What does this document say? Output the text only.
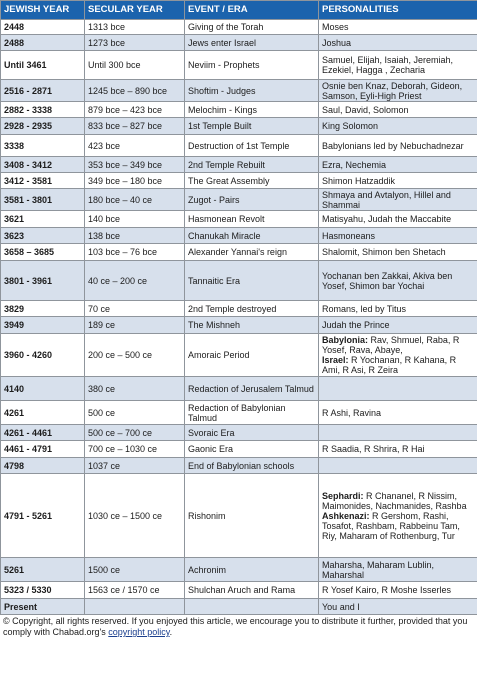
JEWISH YEAR	SECULAR YEAR	EVENT / ERA	PERSONALITIES
2448	1313 bce	Giving of the Torah	Moses

2488	1273 bce	Jews enter Israel	Joshua

Until 3461	Until 300 bce	Neviim - Prophets	Samuel, Elijah, Isaiah, Jeremiah, Ezekiel, Hagga , Zecharia

2516 - 2871	1245 bce – 890 bce	Shoftim - Judges	Osnie ben Knaz, Deborah, Gideon, Samson, Eyli-High Priest

2882 - 3338	879 bce – 423 bce	Melochim - Kings	Saul, David, Solomon

2928 - 2935	833 bce – 827 bce	1st Temple Built	King Solomon

3338	423 bce	Destruction of 1st Temple	Babylonians led by Nebuchadnezar

3408 - 3412	353 bce – 349 bce	2nd Temple Rebuilt	Ezra, Nechemia

3412 - 3581	349 bce – 180 bce	The Great Assembly	Shimon Hatzaddik

3581 - 3801	180 bce – 40 ce	Zugot - Pairs	Shmaya and Avtalyon, Hillel and Shammai

3621	140 bce	Hasmonean Revolt	Matisyahu, Judah the Maccabite

3623	138 bce	Chanukah Miracle	Hasmoneans

3658 – 3685	103 bce – 76 bce	Alexander Yannai's reign	Shalomit, Shimon ben Shetach

3801 - 3961	40 ce – 200 ce	Tannaitic Era	Yochanan ben Zakkai, Akiva ben Yosef, Shimon bar Yochai

3829	70 ce	2nd Temple destroyed	Romans, led by Titus

3949	189 ce	The Mishneh	Judah the Prince

3960 - 4260	200 ce – 500 ce	Amoraic Period	Babylonia: Rav, Shmuel, Raba, R Yosef, Rava, Abaye,
Israel: R Yochanan, R Kahana, R Ami, R Asi, R Zeira

4140	380 ce	Redaction of Jerusalem Talmud	

4261	500 ce	Redaction of Babylonian Talmud	R Ashi, Ravina

4261 - 4461	500 ce – 700 ce	Svoraic Era	

4461 - 4791	700 ce – 1030 ce	Gaonic Era	R Saadia, R Shrira, R Hai

4798	1037 ce	End of Babylonian schools	

4791 - 5261	1030 ce – 1500 ce	Rishonim	Sephardi: R Chananel, R Nissim, Maimonides, Nachmanides, Rashba
Ashkenazi: R Gershom, Rashi, Tosafot, Rashbam, Rabbeinu Tam, Riy, Maharam of Rothenburg, Tur

5261	1500 ce	Achronim	Maharsha, Maharam Lublin, Maharshal

5323 / 5330	1563 ce / 1570 ce	Shulchan Aruch and Rama	R Yosef Kairo, R Moshe Isserles

Present			You and I
© Copyright, all rights reserved. If you enjoyed this article, we encourage you to distribute it further, provided that you comply with Chabad.org's copyright policy.
